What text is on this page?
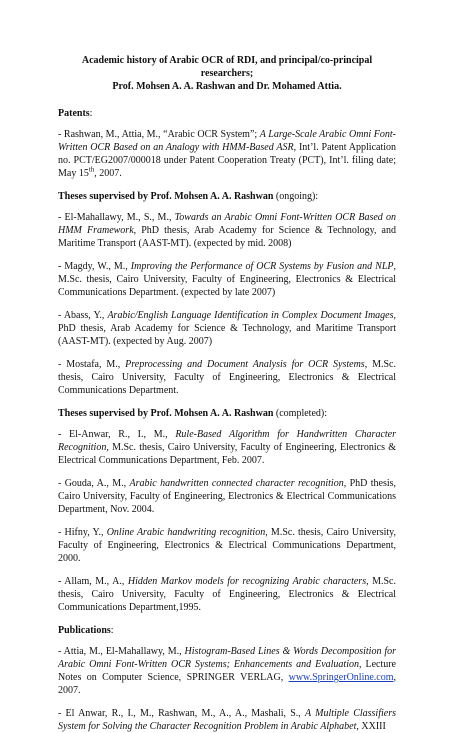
Academic history of Arabic OCR of RDI, and principal/co-principal researchers;
Prof. Mohsen A. A. Rashwan and Dr. Mohamed Attia.
Patents:
- Rashwan, M., Attia, M., “Arabic OCR System”; A Large-Scale Arabic Omni Font-Written OCR Based on an Analogy with HMM-Based ASR, Int’l. Patent Application no. PCT/EG2007/000018 under Patent Cooperation Treaty (PCT), Int’l. filing date; May 15th, 2007.
Theses supervised by Prof. Mohsen A. A. Rashwan (ongoing):
- El-Mahallawy, M., S., M., Towards an Arabic Omni Font-Written OCR Based on HMM Framework, PhD thesis, Arab Academy for Science & Technology, and Maritime Transport (AAST-MT). (expected by mid. 2008)
- Magdy, W., M., Improving the Performance of OCR Systems by Fusion and NLP, M.Sc. thesis, Cairo University, Faculty of Engineering, Electronics & Electrical Communications Department. (expected by late 2007)
- Abass, Y., Arabic/English Language Identification in Complex Document Images, PhD thesis, Arab Academy for Science & Technology, and Maritime Transport (AAST-MT). (expected by Aug. 2007)
- Mostafa, M., Preprocessing and Document Analysis for OCR Systems, M.Sc. thesis, Cairo University, Faculty of Engineering, Electronics & Electrical Communications Department.
Theses supervised by Prof. Mohsen A. A. Rashwan (completed):
- El-Anwar, R., I., M., Rule-Based Algorithm for Handwritten Character Recognition, M.Sc. thesis, Cairo University, Faculty of Engineering, Electronics & Electrical Communications Department, Feb. 2007.
- Gouda, A., M., Arabic handwritten connected character recognition, PhD thesis, Cairo University, Faculty of Engineering, Electronics & Electrical Communications Department, Nov. 2004.
- Hifny, Y., Online Arabic handwriting recognition, M.Sc. thesis, Cairo University, Faculty of Engineering, Electronics & Electrical Communications Department, 2000.
- Allam, M., A., Hidden Markov models for recognizing Arabic characters, M.Sc. thesis, Cairo University, Faculty of Engineering, Electronics & Electrical Communications Department,1995.
Publications:
- Attia, M., El-Mahallawy, M., Histogram-Based Lines & Words Decomposition for Arabic Omni Font-Written OCR Systems; Enhancements and Evaluation, Lecture Notes on Computer Science, SPRINGER VERLAG, www.SpringerOnline.com, 2007.
- El Anwar, R., I., M., Rashwan, M., A., A., Mashali, S., A Multiple Classifiers System for Solving the Character Recognition Problem in Arabic Alphabet, XXIII
